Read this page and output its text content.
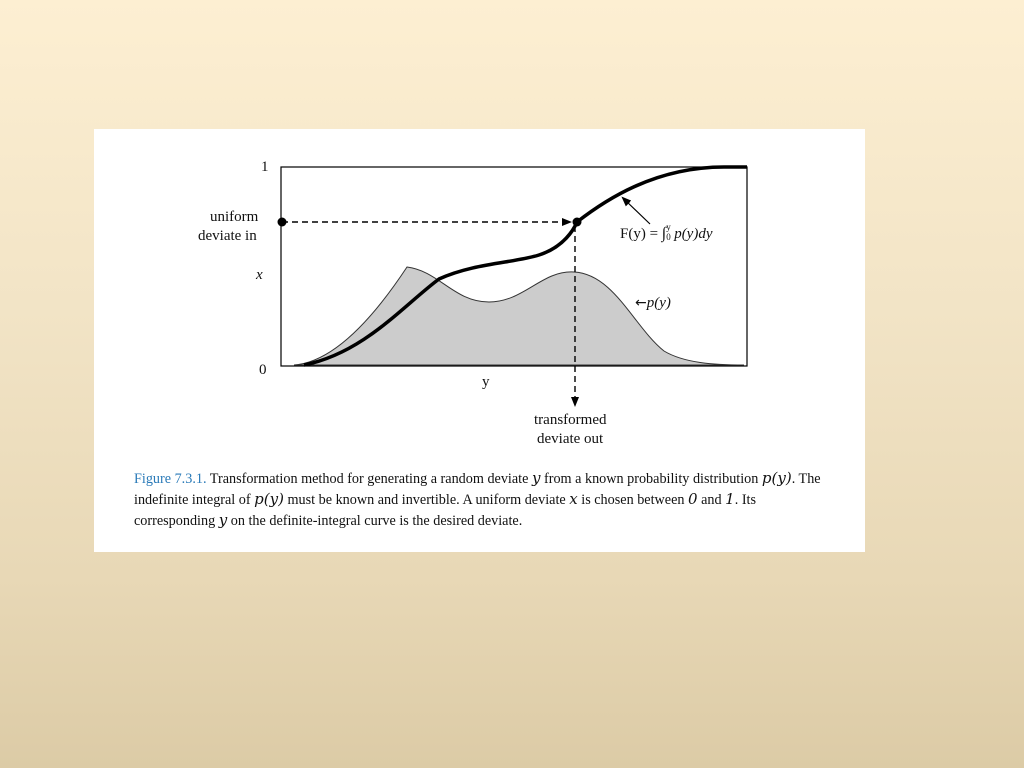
1
uniform
deviate in
x
0
y
transformed
deviate out
F(y) = ∫ y
0 p(y)dy
←p(y)
Figure 7.3.1. Transformation method for generating a random deviate y from a known probability distribution p(y). The indefinite integral of p(y) must be known and invertible. A uniform deviate x is chosen between 0 and 1. Its corresponding y on the definite-integral curve is the desired deviate.
